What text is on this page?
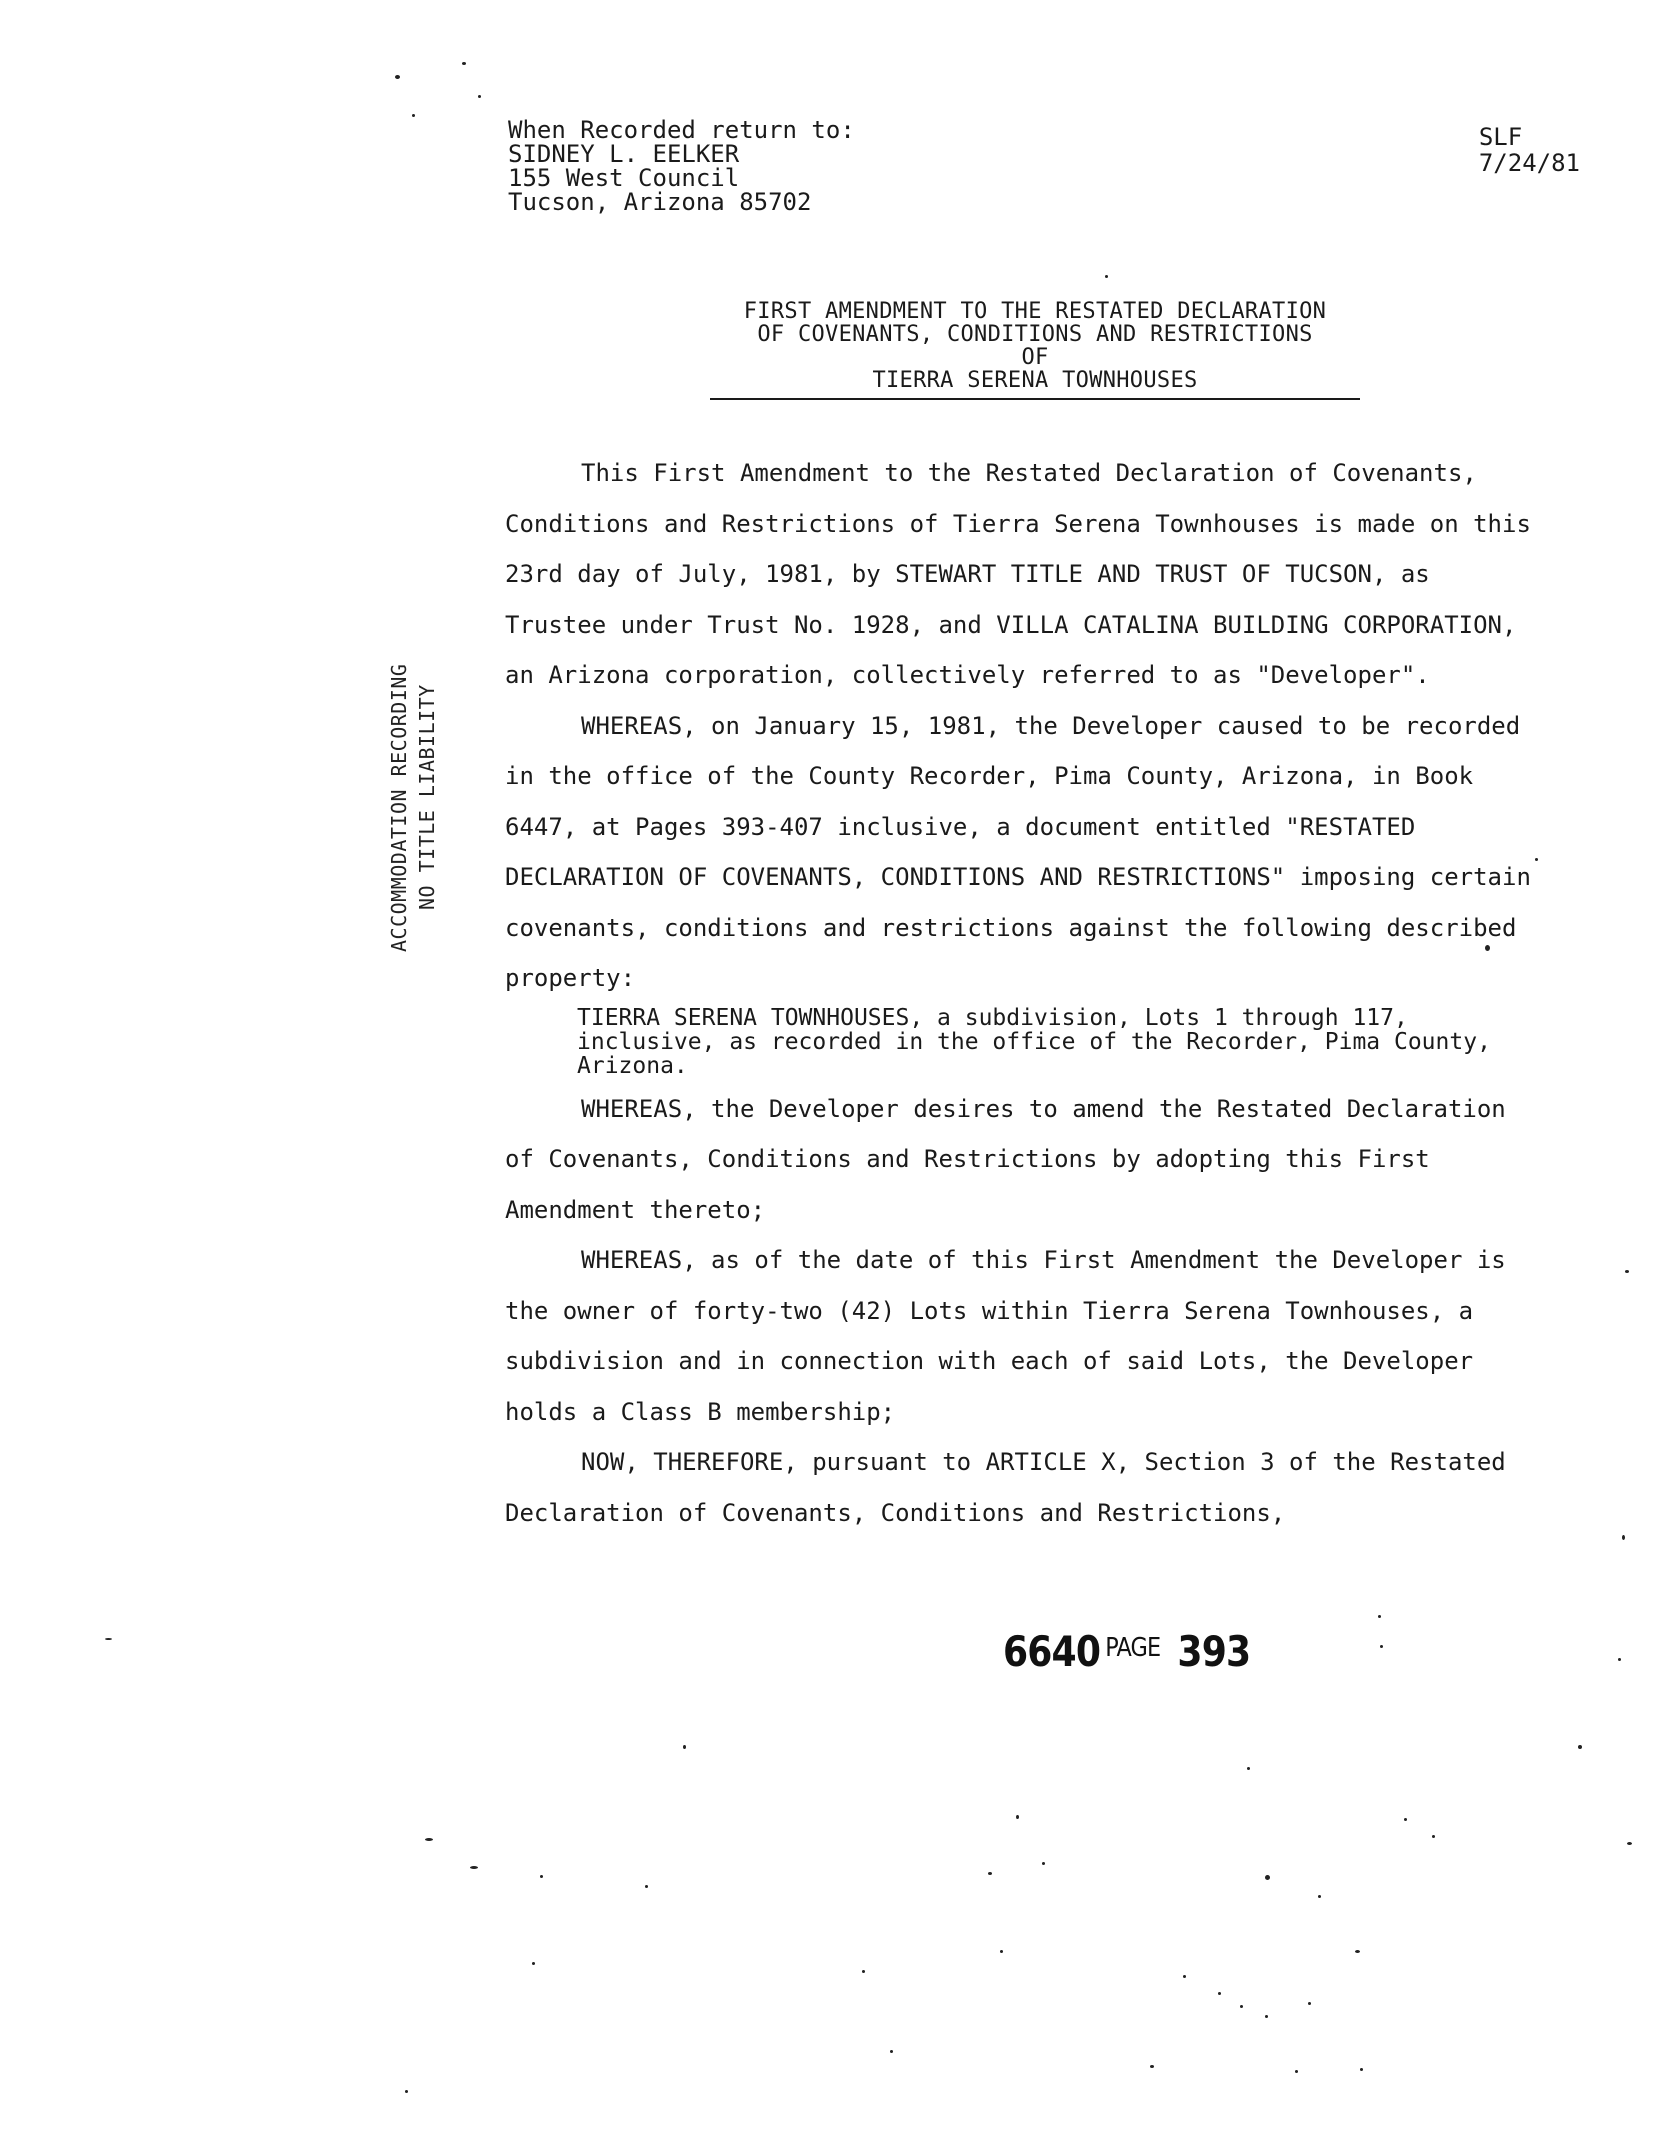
When Recorded return to:
SIDNEY L. EELKER
155 West Council
Tucson, Arizona 85702
SLF
7/24/81
FIRST AMENDMENT TO THE RESTATED DECLARATION
OF COVENANTS, CONDITIONS AND RESTRICTIONS
OF
TIERRA SERENA TOWNHOUSES
ACCOMMODATION RECORDING NO TITLE LIABILITY

This First Amendment to the Restated Declaration of Covenants, Conditions and Restrictions of Tierra Serena Townhouses is made on this 23rd day of July, 1981, by STEWART TITLE AND TRUST OF TUCSON, as Trustee under Trust No. 1928, and VILLA CATALINA BUILDING CORPORATION, an Arizona corporation, collectively referred to as "Developer".

WHEREAS, on January 15, 1981, the Developer caused to be recorded in the office of the County Recorder, Pima County, Arizona, in Book 6447, at Pages 393-407 inclusive, a document entitled "RESTATED DECLARATION OF COVENANTS, CONDITIONS AND RESTRICTIONS" imposing certain covenants, conditions and restrictions against the following described property:

TIERRA SERENA TOWNHOUSES, a subdivision, Lots 1 through 117, inclusive, as recorded in the office of the Recorder, Pima County, Arizona.

WHEREAS, the Developer desires to amend the Restated Declaration of Covenants, Conditions and Restrictions by adopting this First Amendment thereto;

WHEREAS, as of the date of this First Amendment the Developer is the owner of forty-two (42) Lots within Tierra Serena Townhouses, a subdivision and in connection with each of said Lots, the Developer holds a Class B membership;

NOW, THEREFORE, pursuant to ARTICLE X, Section 3 of the Restated Declaration of Covenants, Conditions and Restrictions,

6640 $^{PAGE}$ 393
